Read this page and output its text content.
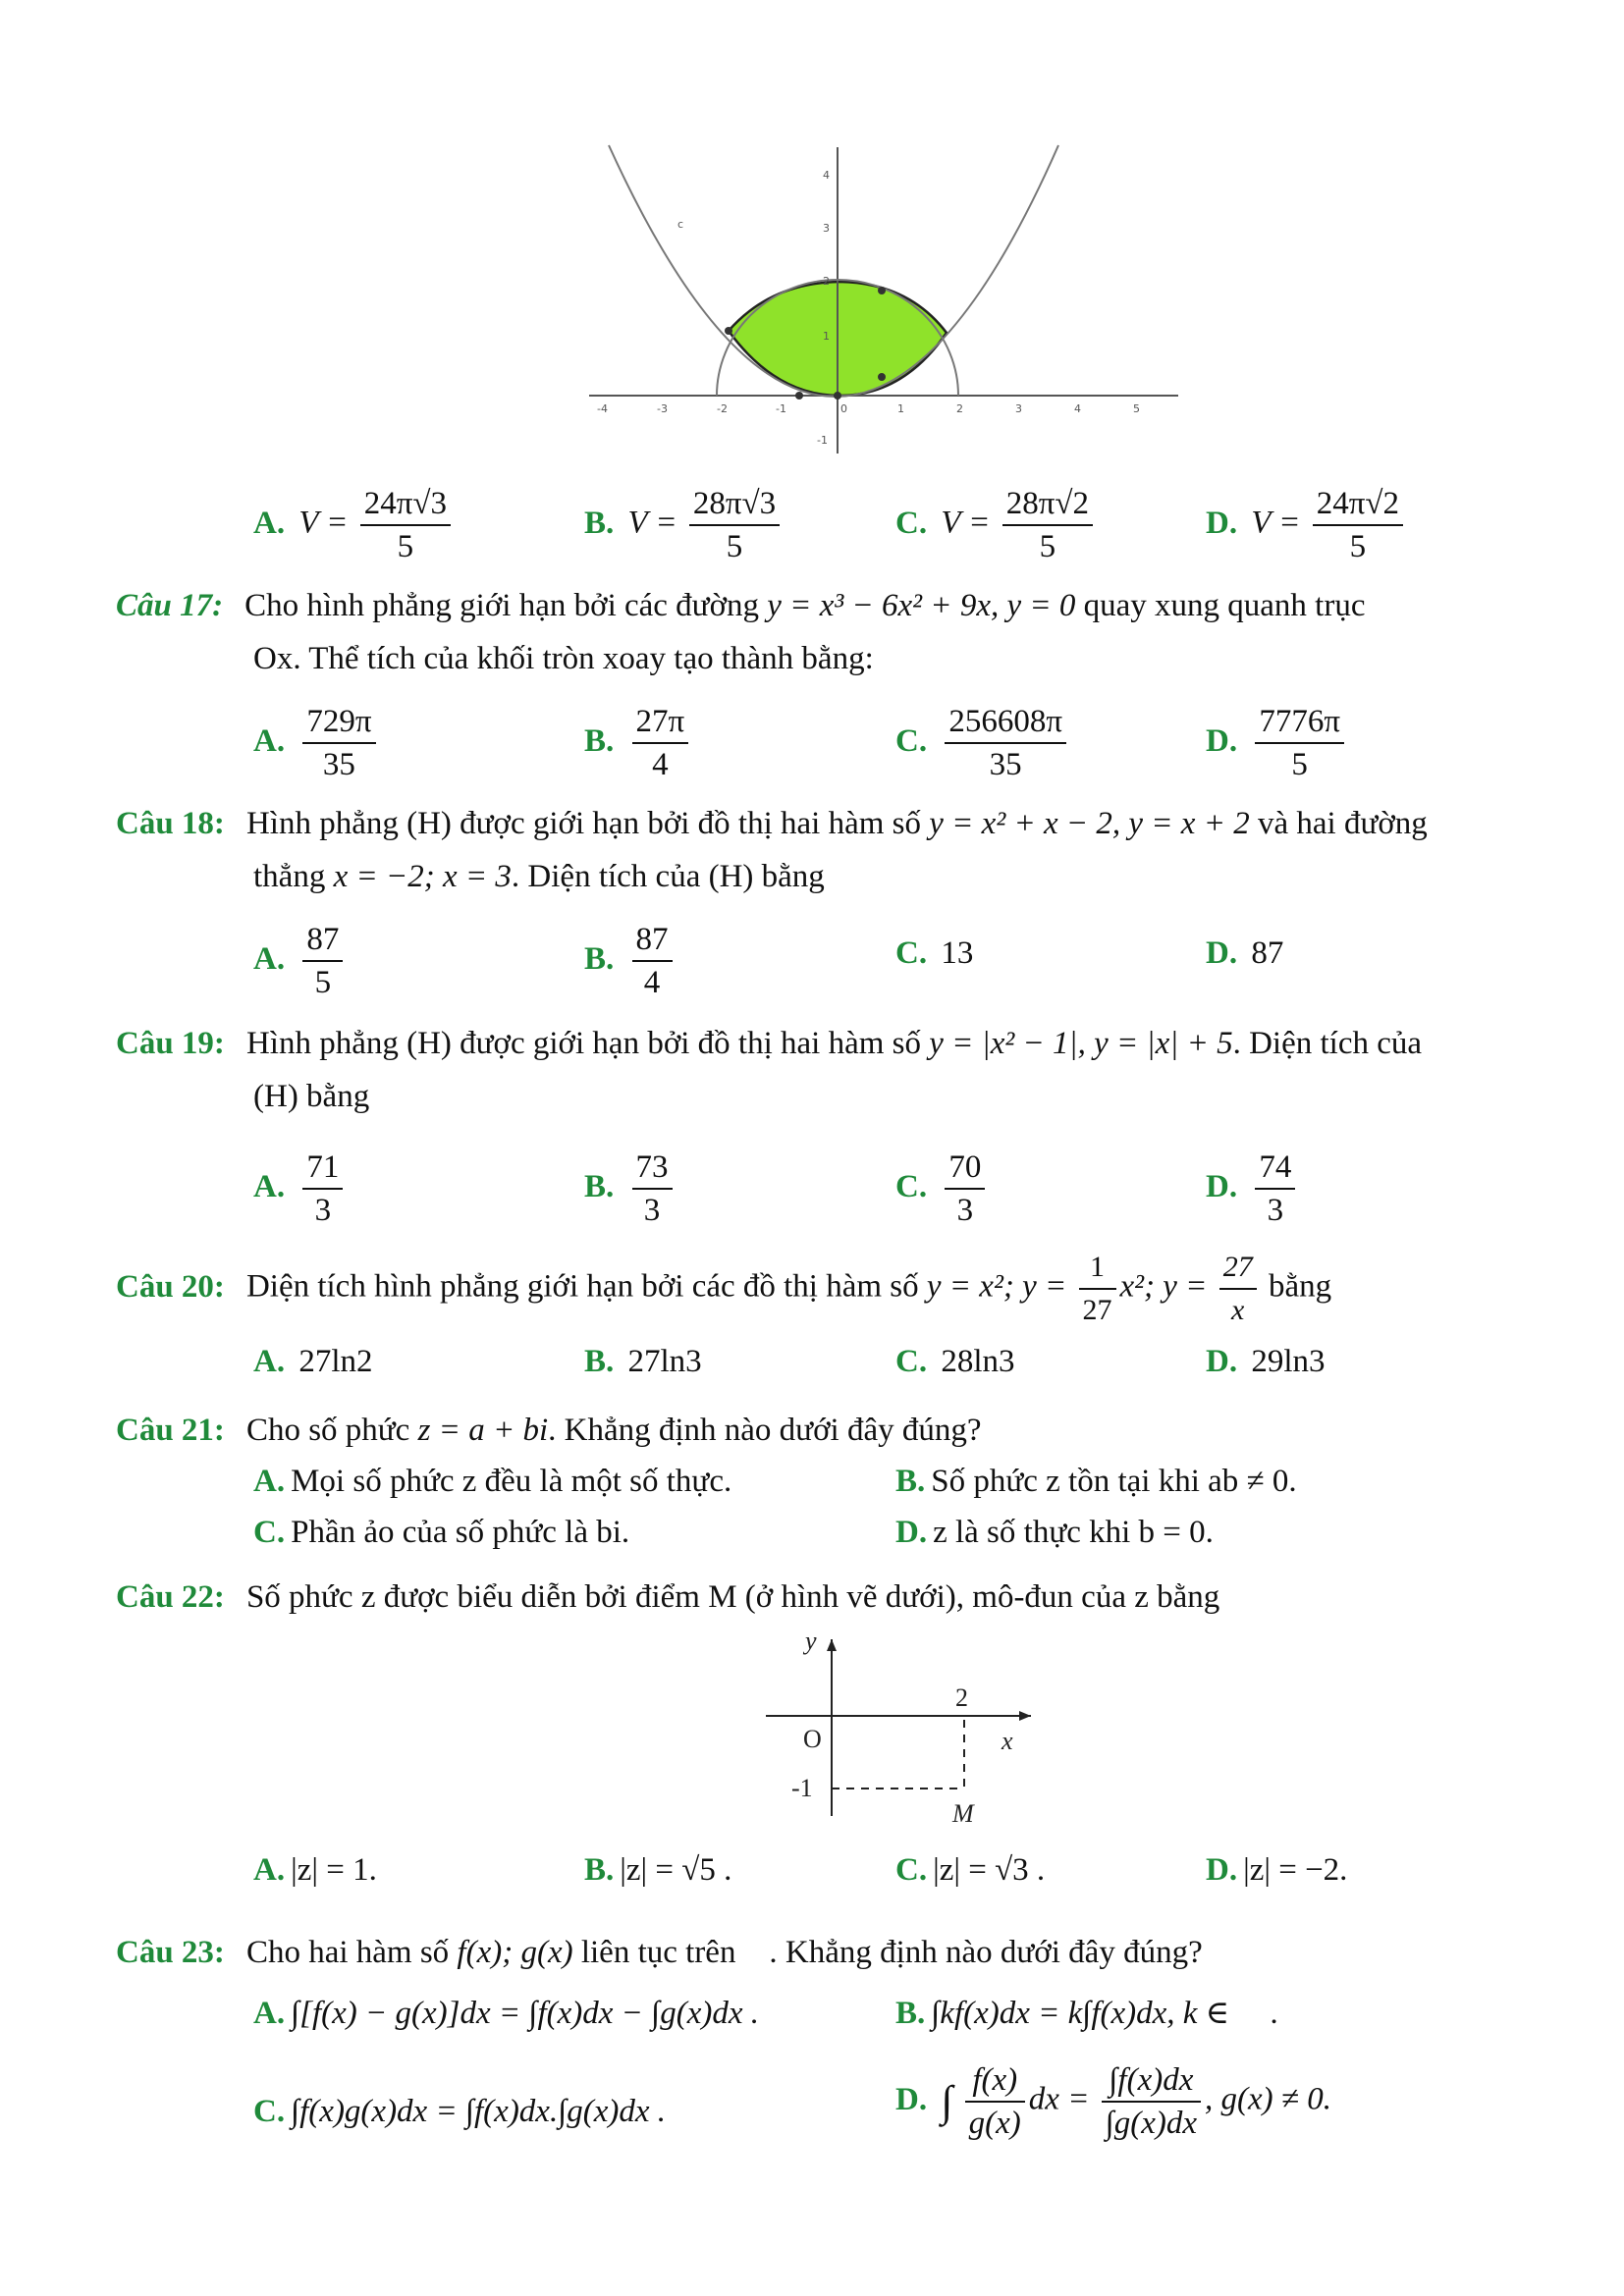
-4	-3	-2	-1	0	1	2	3	4	5
4
3
2
1
-1
c
A. $V = \frac{24\pi√3}{5}$	B. $V = \frac{28\pi√3}{5}$	C. $V = \frac{28\pi√2}{5}$	D. $V = \frac{24\pi√2}{5}$
Câu 17: Cho hình phẳng giới hạn bởi các đường y = x³ − 6x² + 9x, y = 0 quay xung quanh trục
Ox. Thể tích của khối tròn xoay tạo thành bằng:
A. $\frac{729\pi}{35}$	B. $\frac{27\pi}{4}$	C. $\frac{256608\pi}{35}$	D. $\frac{7776\pi}{5}$
Câu 18: Hình phẳng (H) được giới hạn bởi đồ thị hai hàm số y = x² + x − 2, y = x + 2 và hai đường
thẳng x = −2; x = 3. Diện tích của (H) bằng
A. $\frac{87}{5}$	B. $\frac{87}{4}$	C. 13	D. 87
Câu 19: Hình phẳng (H) được giới hạn bởi đồ thị hai hàm số y = |x² − 1|, y = |x| + 5. Diện tích của
(H) bằng
A. $\frac{71}{3}$	B. $\frac{73}{3}$	C. $\frac{70}{3}$	D. $\frac{74}{3}$
Câu 20: Diện tích hình phẳng giới hạn bởi các đồ thị hàm số y = x²; $y = \frac{1}{27} x^2$; $y = \frac{27}{x}$ bằng
A. 27ln2	B. 27ln3	C. 28ln3	D. 29ln3
Câu 21: Cho số phức z = a + bi. Khẳng định nào dưới đây đúng?
A. Mọi số phức z đều là một số thực.	B. Số phức z tồn tại khi ab ≠ 0.
C. Phần ảo của số phức là bi.	D. z là số thực khi b = 0.
Câu 22: Số phức z được biểu diễn bởi điểm M (ở hình vẽ dưới), mô-đun của z bằng
y
x
O
2
-1
M
A. |z| = 1.	B. |z| = √5 .	C. |z| = √3 .	D. |z| = −2.
Câu 23: Cho hai hàm số f(x); g(x) liên tục trên . Khẳng định nào dưới đây đúng?
A. ∫[f(x) − g(x)]dx = ∫f(x)dx − ∫g(x)dx .	B. ∫kf(x)dx = k∫f(x)dx, k ∈ ⃞ .
C. ∫f(x)g(x)dx = ∫f(x)dx.∫g(x)dx .	D. ∫ $\frac{f(x)}{g(x)}$ dx = $\frac{\int f(x)dx}{\int g(x)dx}$ , g(x) ≠ 0.
